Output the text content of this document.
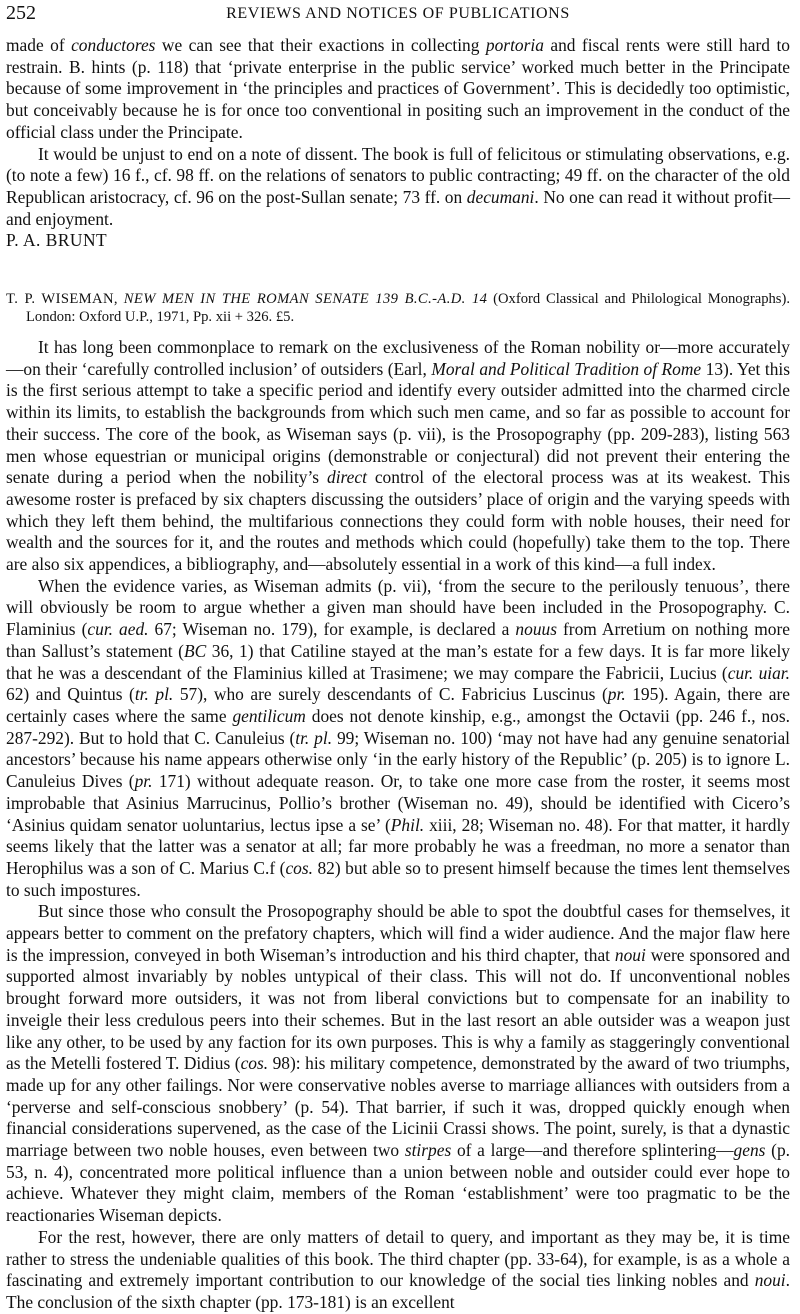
252	REVIEWS AND NOTICES OF PUBLICATIONS

made of conductores we can see that their exactions in collecting portoria and fiscal rents were still hard to restrain. B. hints (p. 118) that ‘private enterprise in the public service’ worked much better in the Principate because of some improvement in ‘the principles and practices of Government’. This is decidedly too optimistic, but conceivably because he is for once too conventional in positing such an improvement in the conduct of the official class under the Principate.

It would be unjust to end on a note of dissent. The book is full of felicitous or stimulating observations, e.g. (to note a few) 16 f., cf. 98 ff. on the relations of senators to public contracting; 49 ff. on the character of the old Republican aristocracy, cf. 96 on the post-Sullan senate; 73 ff. on decumani. No one can read it without profit—and enjoyment.

P. A. BRUNT

T. P. WISEMAN, NEW MEN IN THE ROMAN SENATE 139 B.C.-A.D. 14 (Oxford Classical and Philological Monographs). London: Oxford U.P., 1971, Pp. xii + 326. £5.

It has long been commonplace to remark on the exclusiveness of the Roman nobility or—more accurately—on their ‘carefully controlled inclusion’ of outsiders (Earl, Moral and Political Tradition of Rome 13). Yet this is the first serious attempt to take a specific period and identify every outsider admitted into the charmed circle within its limits, to establish the backgrounds from which such men came, and so far as possible to account for their success. The core of the book, as Wiseman says (p. vii), is the Prosopography (pp. 209-283), listing 563 men whose equestrian or municipal origins (demonstrable or conjectural) did not prevent their entering the senate during a period when the nobility’s direct control of the electoral process was at its weakest. This awesome roster is prefaced by six chapters discussing the outsiders’ place of origin and the varying speeds with which they left them behind, the multifarious connections they could form with noble houses, their need for wealth and the sources for it, and the routes and methods which could (hopefully) take them to the top. There are also six appendices, a bibliography, and—absolutely essential in a work of this kind—a full index.

When the evidence varies, as Wiseman admits (p. vii), ‘from the secure to the perilously tenuous’, there will obviously be room to argue whether a given man should have been included in the Prosopography. C. Flaminius (cur. aed. 67; Wiseman no. 179), for example, is declared a nouus from Arretium on nothing more than Sallust’s statement (BC 36, 1) that Catiline stayed at the man’s estate for a few days. It is far more likely that he was a descendant of the Flaminius killed at Trasimene; we may compare the Fabricii, Lucius (cur. uiar. 62) and Quintus (tr. pl. 57), who are surely descendants of C. Fabricius Luscinus (pr. 195). Again, there are certainly cases where the same gentilicum does not denote kinship, e.g., amongst the Octavii (pp. 246 f., nos. 287-292). But to hold that C. Canuleius (tr. pl. 99; Wiseman no. 100) ‘may not have had any genuine senatorial ancestors’ because his name appears otherwise only ‘in the early history of the Republic’ (p. 205) is to ignore L. Canuleius Dives (pr. 171) without adequate reason. Or, to take one more case from the roster, it seems most improbable that Asinius Marrucinus, Pollio’s brother (Wiseman no. 49), should be identified with Cicero’s ‘Asinius quidam senator uoluntarius, lectus ipse a se’ (Phil. xiii, 28; Wiseman no. 48). For that matter, it hardly seems likely that the latter was a senator at all; far more probably he was a freedman, no more a senator than Herophilus was a son of C. Marius C.f (cos. 82) but able so to present himself because the times lent themselves to such impostures.

But since those who consult the Prosopography should be able to spot the doubtful cases for themselves, it appears better to comment on the prefatory chapters, which will find a wider audience. And the major flaw here is the impression, conveyed in both Wiseman’s introduction and his third chapter, that noui were sponsored and supported almost invariably by nobles untypical of their class. This will not do. If unconventional nobles brought forward more outsiders, it was not from liberal convictions but to compensate for an inability to inveigle their less credulous peers into their schemes. But in the last resort an able outsider was a weapon just like any other, to be used by any faction for its own purposes. This is why a family as staggeringly conventional as the Metelli fostered T. Didius (cos. 98): his military competence, demonstrated by the award of two triumphs, made up for any other failings. Nor were conservative nobles averse to marriage alliances with outsiders from a ‘perverse and self-conscious snobbery’ (p. 54). That barrier, if such it was, dropped quickly enough when financial considerations supervened, as the case of the Licinii Crassi shows. The point, surely, is that a dynastic marriage between two noble houses, even between two stirpes of a large—and therefore splintering—gens (p. 53, n. 4), concentrated more political influence than a union between noble and outsider could ever hope to achieve. Whatever they might claim, members of the Roman ‘establishment’ were too pragmatic to be the reactionaries Wiseman depicts.

For the rest, however, there are only matters of detail to query, and important as they may be, it is time rather to stress the undeniable qualities of this book. The third chapter (pp. 33-64), for example, is as a whole a fascinating and extremely important contribution to our knowledge of the social ties linking nobles and noui. The conclusion of the sixth chapter (pp. 173-181) is an excellent
